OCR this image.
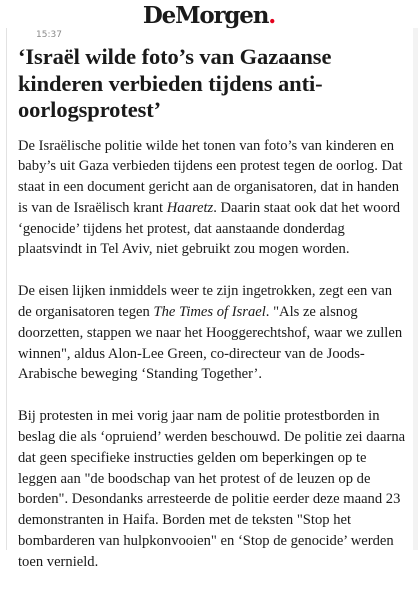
DeMorgen.
15:37
‘Israël wilde foto’s van Gazaanse kinderen verbieden tijdens anti-oorlogsprotest’

De Israëlische politie wilde het tonen van foto’s van kinderen en baby’s uit Gaza verbieden tijdens een protest tegen de oorlog. Dat staat in een document gericht aan de organisatoren, dat in handen is van de Israëlisch krant Haaretz. Daarin staat ook dat het woord ‘genocide’ tijdens het protest, dat aanstaande donderdag plaatsvindt in Tel Aviv, niet gebruikt zou mogen worden.

De eisen lijken inmiddels weer te zijn ingetrokken, zegt een van de organisatoren tegen The Times of Israel. "Als ze alsnog doorzetten, stappen we naar het Hooggerechtshof, waar we zullen winnen", aldus Alon-Lee Green, co-directeur van de Joods-Arabische beweging ‘Standing Together’.

Bij protesten in mei vorig jaar nam de politie protestborden in beslag die als ‘opruiend’ werden beschouwd. De politie zei daarna dat geen specifieke instructies gelden om beperkingen op te leggen aan "de boodschap van het protest of de leuzen op de borden". Desondanks arresteerde de politie eerder deze maand 23 demonstranten in Haifa. Borden met de teksten "Stop het bombarderen van hulpkonvooien" en ‘Stop de genocide’ werden toen vernield.
